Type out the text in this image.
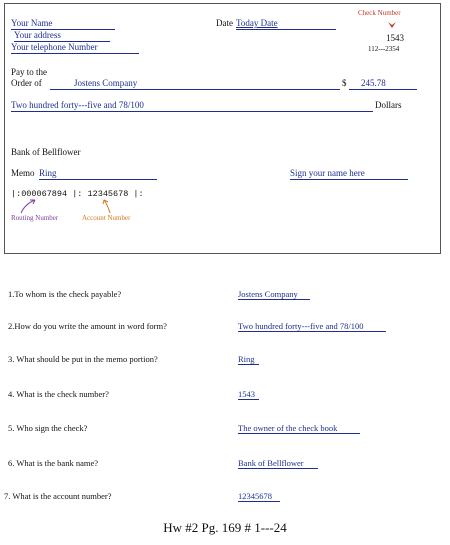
Your Name	Date Today Date
Check Number
Your address	1543
Your telephone Number	112---2354
Pay to the
Order of	Jostens Company	$ 245.78
Two hundred forty---five and 78/100	Dollars
Bank of Bellflower
Memo Ring	Sign your name here
|:000067894 |: 12345678 |:
Routing Number	Account Number
1.To whom is the check payable?	Jostens Company
2.How do you write the amount in word form?	Two hundred forty---five and 78/100
3. What should be put in the memo portion?	Ring
4. What is the check number?	1543
5. Who sign the check?	The owner of the check book
6. What is the bank name?	Bank of Bellflower
7. What is the account number?	12345678
Hw #2 Pg. 169 # 1---24
